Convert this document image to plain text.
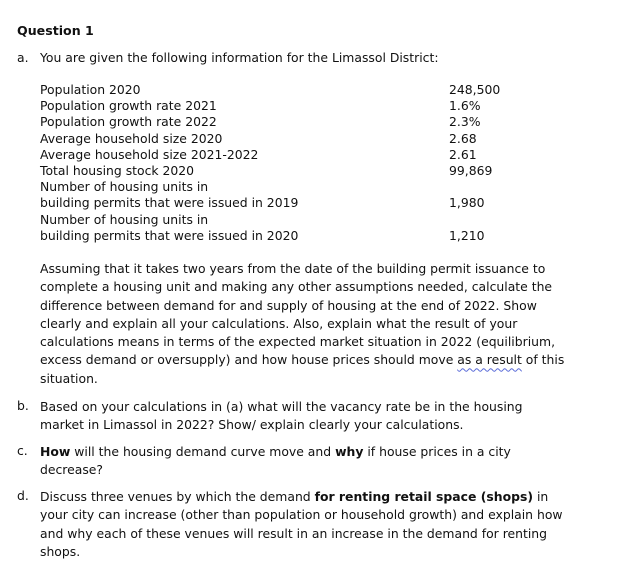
Question 1
a. You are given the following information for the Limassol District:
Population 2020	248,500
Population growth rate 2021	1.6%
Population growth rate 2022	2.3%
Average household size 2020	2.68
Average household size 2021-2022	2.61
Total housing stock 2020	99,869
Number of housing units in	
building permits that were issued in 2019	1,980
Number of housing units in	
building permits that were issued in 2020	1,210
Assuming that it takes two years from the date of the building permit issuance to
complete a housing unit and making any other assumptions needed, calculate the
difference between demand for and supply of housing at the end of 2022. Show
clearly and explain all your calculations. Also, explain what the result of your
calculations means in terms of the expected market situation in 2022 (equilibrium,
excess demand or oversupply) and how house prices should move as a result of this
situation.
b. Based on your calculations in (a) what will the vacancy rate be in the housing
market in Limassol in 2022? Show/ explain clearly your calculations.
c. How will the housing demand curve move and why if house prices in a city
decrease?
d. Discuss three venues by which the demand for renting retail space (shops) in
your city can increase (other than population or household growth) and explain how
and why each of these venues will result in an increase in the demand for renting
shops.
